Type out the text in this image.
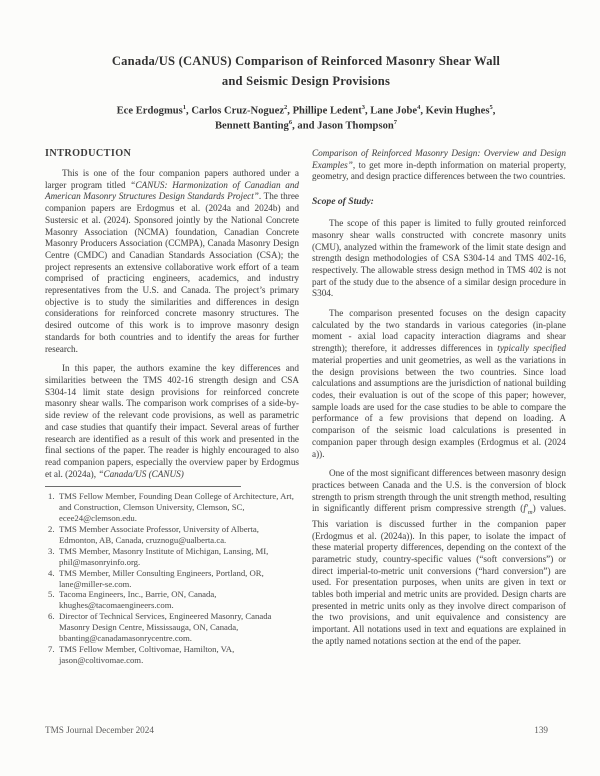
Canada/US (CANUS) Comparison of Reinforced Masonry Shear Wall
and Seismic Design Provisions
Ece Erdogmus$^1$, Carlos Cruz-Noguez$^2$, Phillipe Ledent$^3$, Lane Jobe$^4$, Kevin Hughes$^5$,
Bennett Banting$^6$, and Jason Thompson$^7$
INTRODUCTION

This is one of the four companion papers authored under a larger program titled “CANUS: Harmonization of Canadian and American Masonry Structures Design Standards Project”. The three companion papers are Erdogmus et al. (2024a and 2024b) and Sustersic et al. (2024). Sponsored jointly by the National Concrete Masonry Association (NCMA) foundation, Canadian Concrete Masonry Producers Association (CCMPA), Canada Masonry Design Centre (CMDC) and Canadian Standards Association (CSA); the project represents an extensive collaborative work effort of a team comprised of practicing engineers, academics, and industry representatives from the U.S. and Canada. The project’s primary objective is to study the similarities and differences in design considerations for reinforced concrete masonry structures. The desired outcome of this work is to improve masonry design standards for both countries and to identify the areas for further research.

In this paper, the authors examine the key differences and similarities between the TMS 402-16 strength design and CSA S304-14 limit state design provisions for reinforced concrete masonry shear walls. The comparison work comprises of a side-by-side review of the relevant code provisions, as well as parametric and case studies that quantify their impact. Several areas of further research are identified as a result of this work and presented in the final sections of the paper. The reader is highly encouraged to also read companion papers, especially the overview paper by Erdogmus et al. (2024a), “Canada/US (CANUS)

1. TMS Fellow Member, Founding Dean College of Architecture, Art, and Construction, Clemson University, Clemson, SC, ecee24@clemson.edu.
2. TMS Member Associate Professor, University of Alberta, Edmonton, AB, Canada, cruznogu@ualberta.ca.
3. TMS Member, Masonry Institute of Michigan, Lansing, MI, phil@masonryinfo.org.
4. TMS Member, Miller Consulting Engineers, Portland, OR, lane@miller-se.com.
5. Tacoma Engineers, Inc., Barrie, ON, Canada, khughes@tacomaengineers.com.
6. Director of Technical Services, Engineered Masonry, Canada Masonry Design Centre, Mississauga, ON, Canada, bbanting@canadamasonrycentre.com.
7. TMS Fellow Member, Coltivomae, Hamilton, VA, jason@coltivomae.com.

Comparison of Reinforced Masonry Design: Overview and Design Examples”, to get more in-depth information on material property, geometry, and design practice differences between the two countries.

Scope of Study:

The scope of this paper is limited to fully grouted reinforced masonry shear walls constructed with concrete masonry units (CMU), analyzed within the framework of the limit state design and strength design methodologies of CSA S304-14 and TMS 402-16, respectively. The allowable stress design method in TMS 402 is not part of the study due to the absence of a similar design procedure in S304.

The comparison presented focuses on the design capacity calculated by the two standards in various categories (in-plane moment - axial load capacity interaction diagrams and shear strength); therefore, it addresses differences in typically specified material properties and unit geometries, as well as the variations in the design provisions between the two countries. Since load calculations and assumptions are the jurisdiction of national building codes, their evaluation is out of the scope of this paper; however, sample loads are used for the case studies to be able to compare the performance of a few provisions that depend on loading. A comparison of the seismic load calculations is presented in companion paper through design examples (Erdogmus et al. (2024 a)).

One of the most significant differences between masonry design practices between Canada and the U.S. is the conversion of block strength to prism strength through the unit strength method, resulting in significantly different prism compressive strength $(f'_m)$ values. This variation is discussed further in the companion paper (Erdogmus et al. (2024a)). In this paper, to isolate the impact of these material property differences, depending on the context of the parametric study, country-specific values (“soft conversions”) or direct imperial-to-metric unit conversions (“hard conversion”) are used. For presentation purposes, when units are given in text or tables both imperial and metric units are provided. Design charts are presented in metric units only as they involve direct comparison of the two provisions, and unit equivalence and consistency are important. All notations used in text and equations are explained in the aptly named notations section at the end of the paper.

TMS Journal December 2024	139
